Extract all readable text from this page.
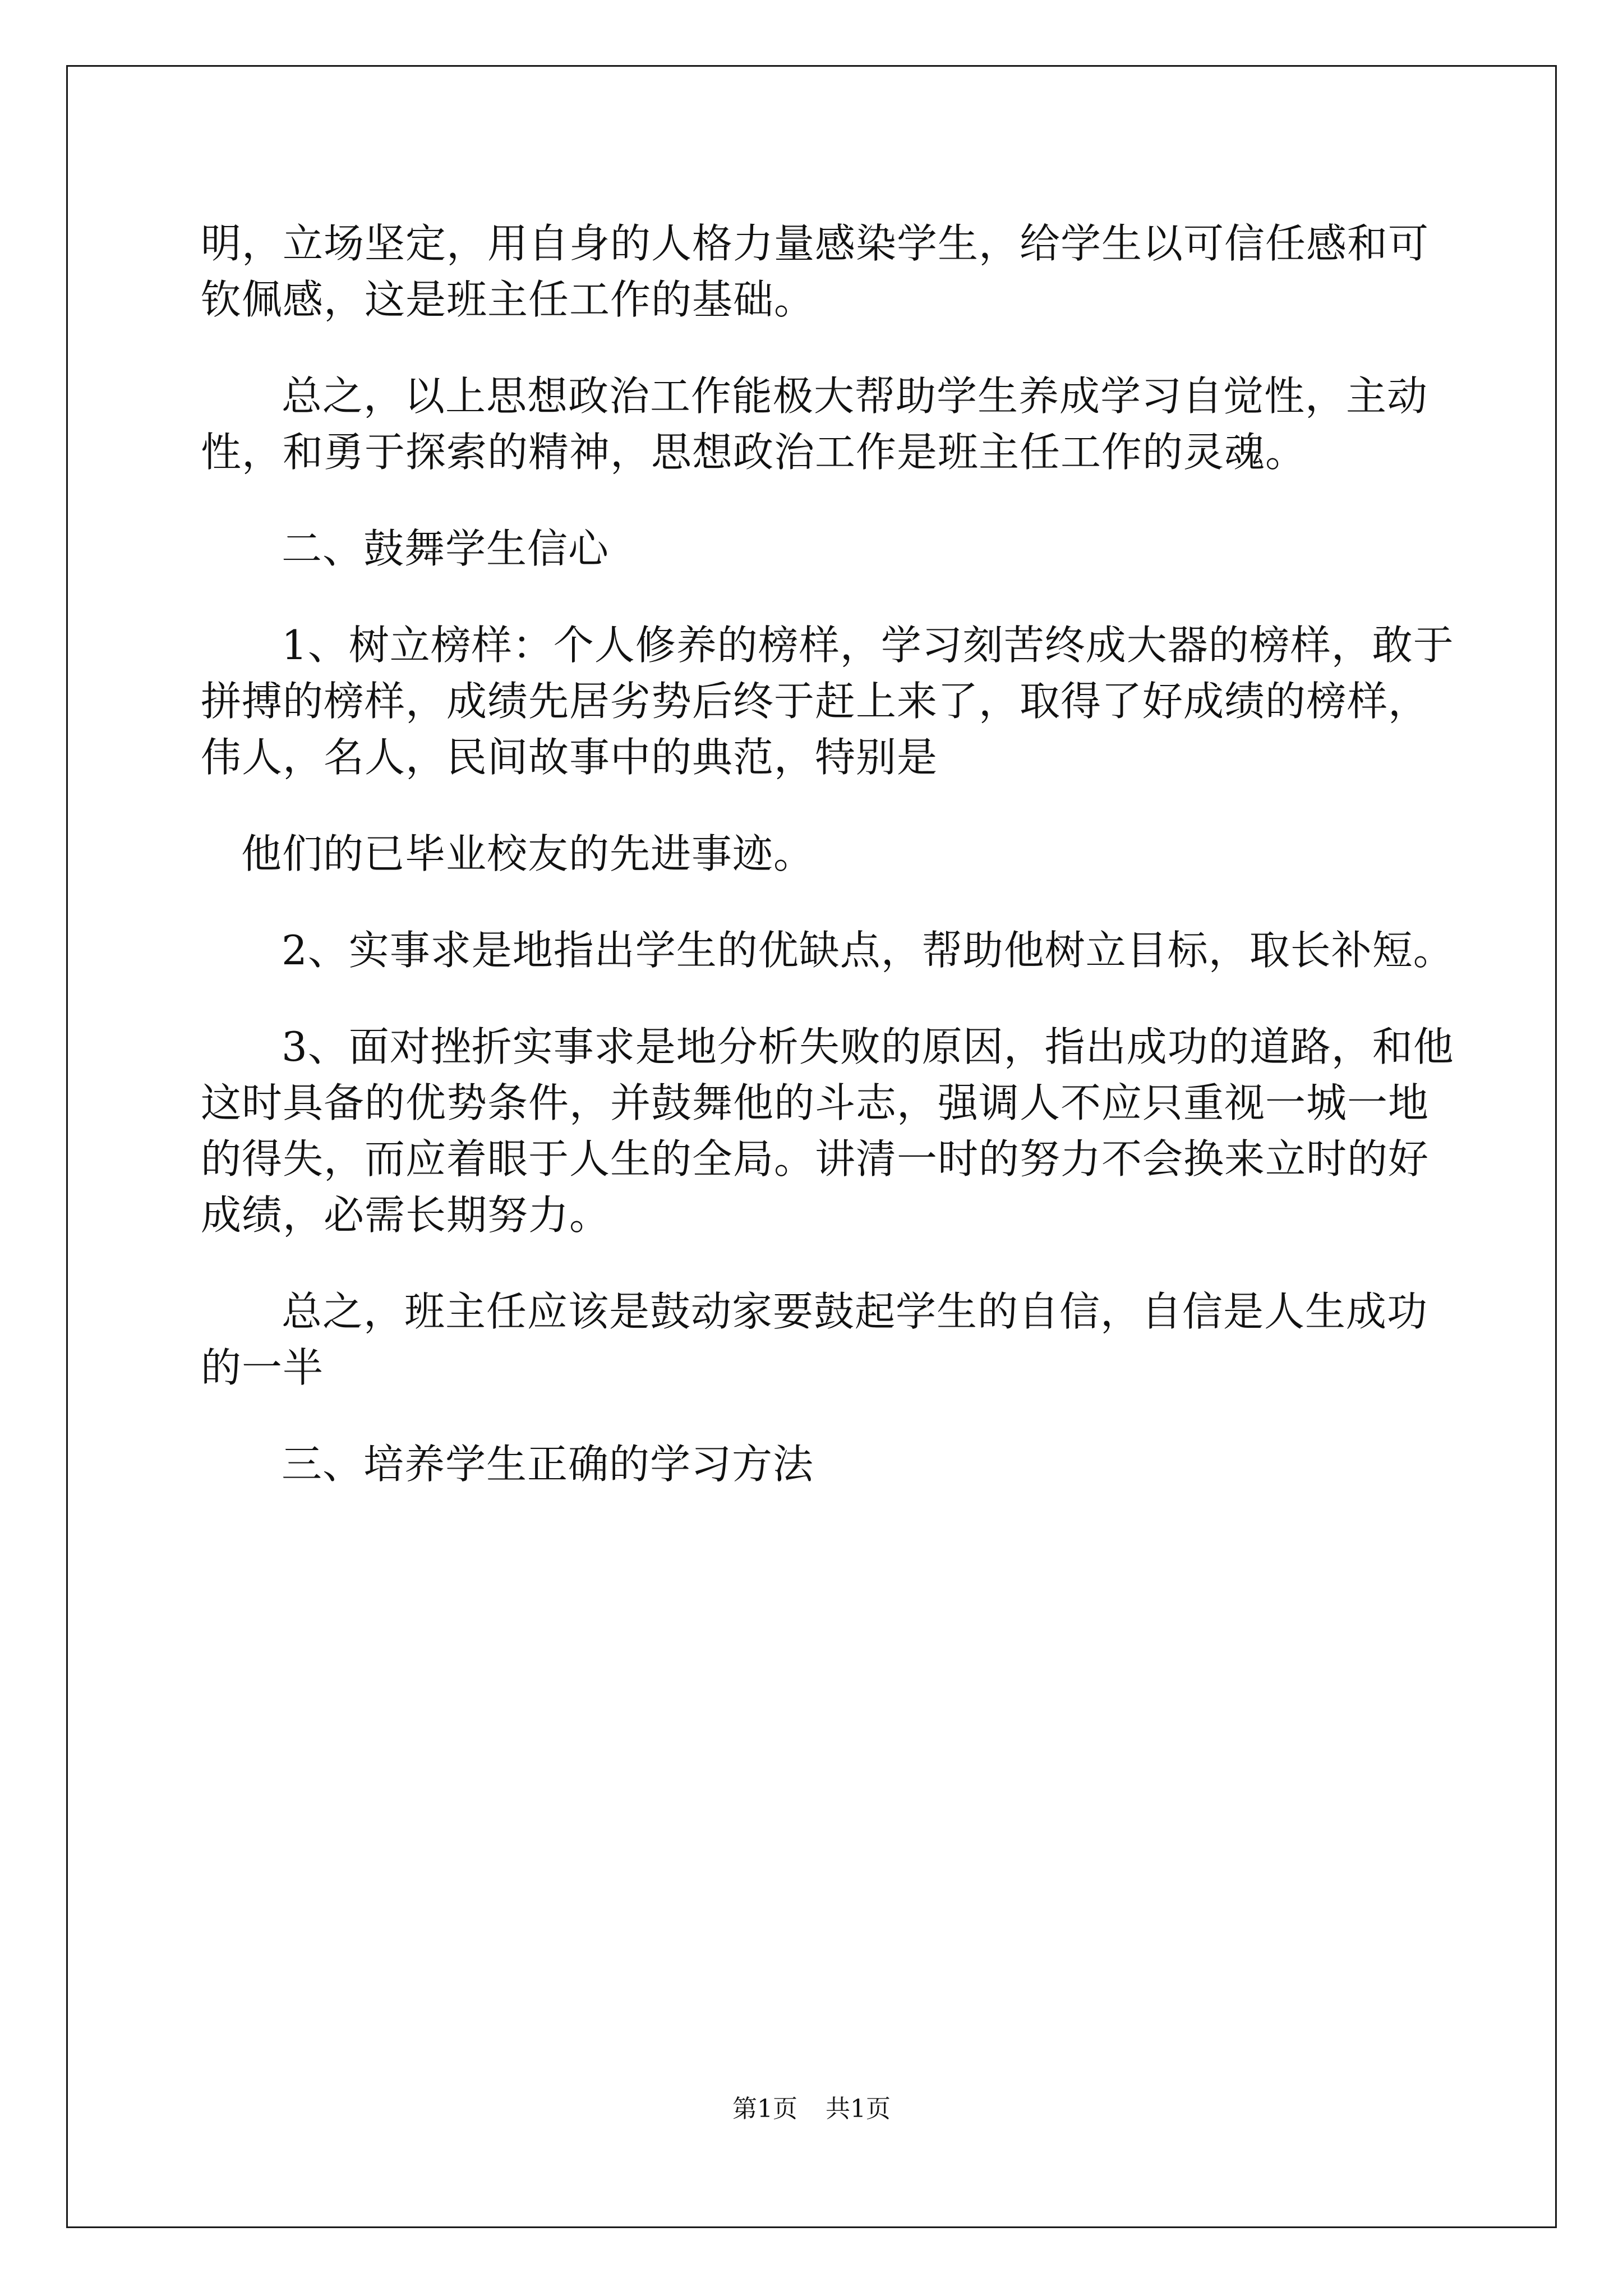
明，立场坚定，用自身的人格力量感染学生，给学生以可信任感和可

钦佩感，这是班主任工作的基础。

总之，以上思想政治工作能极大帮助学生养成学习自觉性，主动

性，和勇于探索的精神，思想政治工作是班主任工作的灵魂。

二、鼓舞学生信心

1、树立榜样：个人修养的榜样，学习刻苦终成大器的榜样，敢于

拼搏的榜样，成绩先居劣势后终于赶上来了，取得了好成绩的榜样，

伟人，名人，民间故事中的典范，特别是

他们的已毕业校友的先进事迹。

2、实事求是地指出学生的优缺点，帮助他树立目标，取长补短。

3、面对挫折实事求是地分析失败的原因，指出成功的道路，和他

这时具备的优势条件，并鼓舞他的斗志，强调人不应只重视一城一地

的得失，而应着眼于人生的全局。讲清一时的努力不会换来立时的好

成绩，必需长期努力。

总之，班主任应该是鼓动家要鼓起学生的自信，自信是人生成功

的一半

三、培养学生正确的学习方法

第1页 共1页
